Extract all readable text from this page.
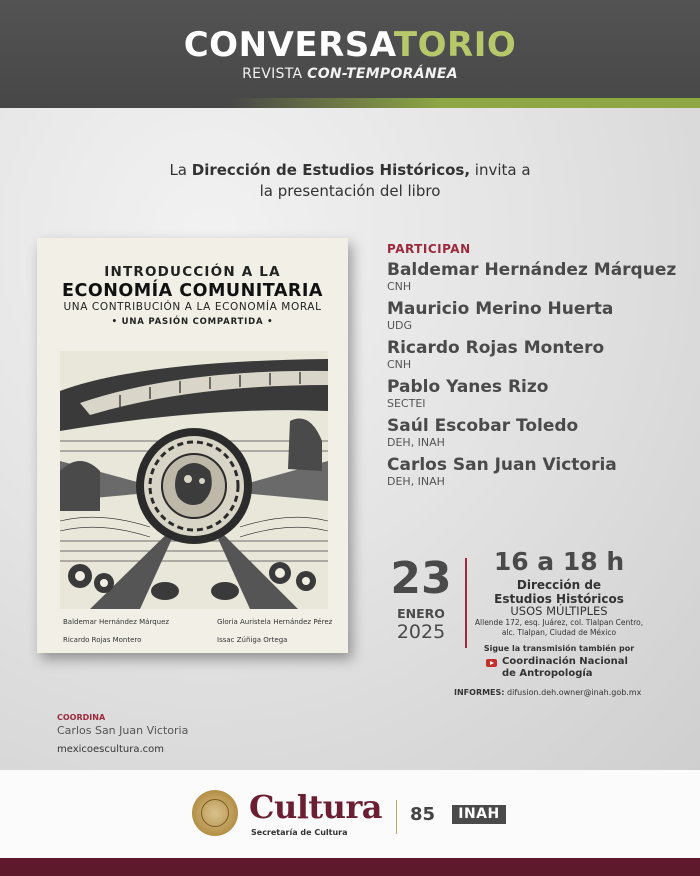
CONVERSATORIO
REVISTA CON-TEMPORÁNEA
La Dirección de Estudios Históricos, invita a
la presentación del libro
INTRODUCCIÓN A LA
ECONOMÍA COMUNITARIA
UNA CONTRIBUCIÓN A LA ECONOMÍA MORAL
• UNA PASIÓN COMPARTIDA •
Baldemar Hernández Márquez	Gloria Auristela Hernández Pérez
Ricardo Rojas Montero	Issac Zúñiga Ortega
PARTICIPAN
Baldemar Hernández Márquez
CNH
Mauricio Merino Huerta
UDG
Ricardo Rojas Montero
CNH
Pablo Yanes Rizo
SECTEI
Saúl Escobar Toledo
DEH, INAH
Carlos San Juan Victoria
DEH, INAH
23
ENERO
2025
16 a 18 h
Dirección de
Estudios Históricos
USOS MÚLTIPLES
Allende 172, esq. Juárez, col. Tlalpan Centro,
alc. Tlalpan, Ciudad de México
Sigue la transmisión también por
Coordinación Nacional
de Antropología
INFORMES: difusion.deh.owner@inah.gob.mx
COORDINA
Carlos San Juan Victoria
mexicoescultura.com
Cultura
Secretaría de Cultura
85	INAH
